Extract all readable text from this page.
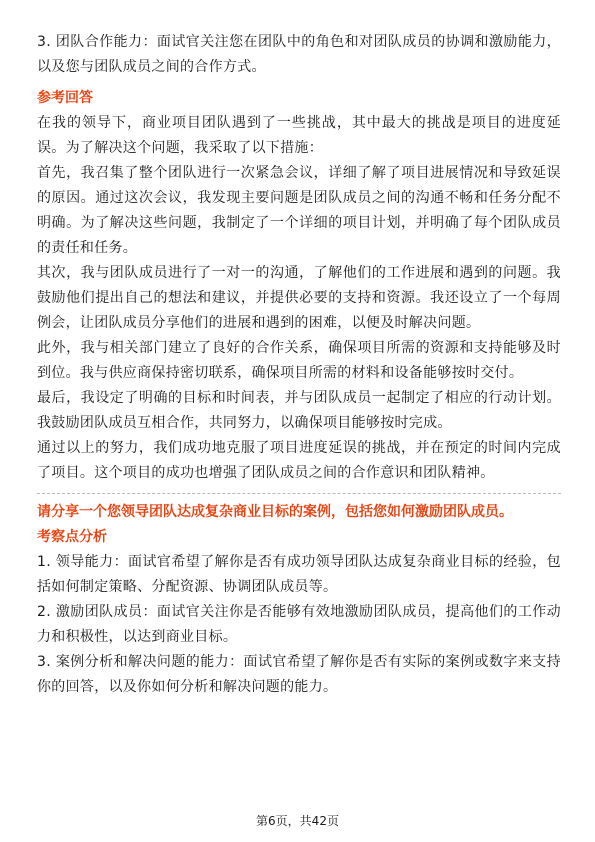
3. 团队合作能力：面试官关注您在团队中的角色和对团队成员的协调和激励能力，以及您与团队成员之间的合作方式。

参考回答

在我的领导下，商业项目团队遇到了一些挑战，其中最大的挑战是项目的进度延误。为了解决这个问题，我采取了以下措施：

首先，我召集了整个团队进行一次紧急会议，详细了解了项目进展情况和导致延误的原因。通过这次会议，我发现主要问题是团队成员之间的沟通不畅和任务分配不明确。为了解决这些问题，我制定了一个详细的项目计划，并明确了每个团队成员的责任和任务。

其次，我与团队成员进行了一对一的沟通，了解他们的工作进展和遇到的问题。我鼓励他们提出自己的想法和建议，并提供必要的支持和资源。我还设立了一个每周例会，让团队成员分享他们的进展和遇到的困难，以便及时解决问题。

此外，我与相关部门建立了良好的合作关系，确保项目所需的资源和支持能够及时到位。我与供应商保持密切联系，确保项目所需的材料和设备能够按时交付。

最后，我设定了明确的目标和时间表，并与团队成员一起制定了相应的行动计划。我鼓励团队成员互相合作，共同努力，以确保项目能够按时完成。

通过以上的努力，我们成功地克服了项目进度延误的挑战，并在预定的时间内完成了项目。这个项目的成功也增强了团队成员之间的合作意识和团队精神。

请分享一个您领导团队达成复杂商业目标的案例，包括您如何激励团队成员。

考察点分析

1. 领导能力：面试官希望了解你是否有成功领导团队达成复杂商业目标的经验，包括如何制定策略、分配资源、协调团队成员等。

2. 激励团队成员：面试官关注你是否能够有效地激励团队成员，提高他们的工作动力和积极性，以达到商业目标。

3. 案例分析和解决问题的能力：面试官希望了解你是否有实际的案例或数字来支持你的回答，以及你如何分析和解决问题的能力。

第6页，共42页
